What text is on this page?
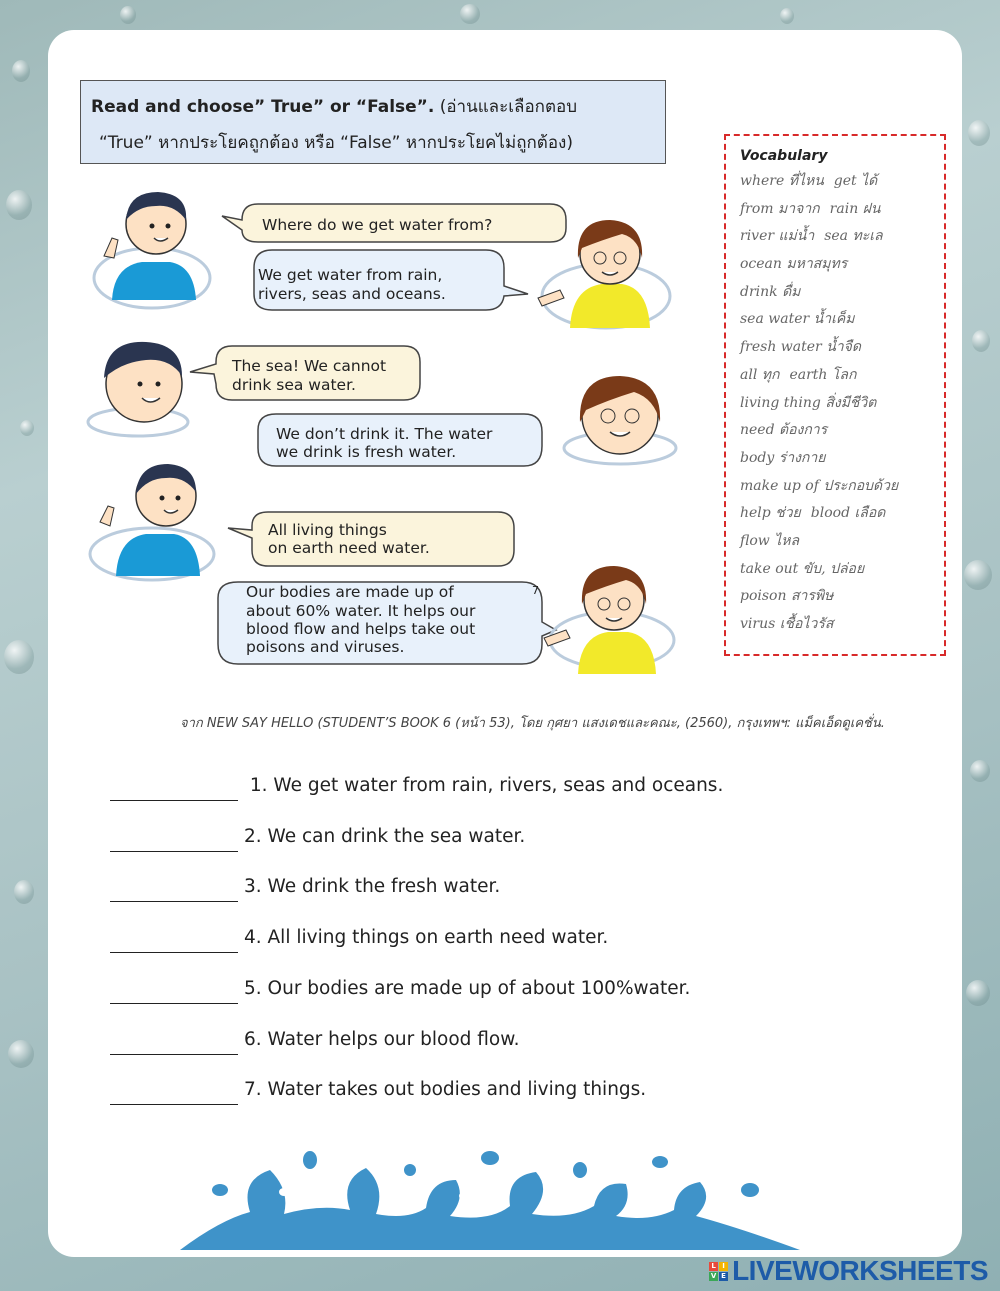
Read and choose” True” or “False”. (อ่านและเลือกตอบ
“True” หากประโยคถูกต้อง หรือ “False” หากประโยคไม่ถูกต้อง)
Where do we get water from?
We get water from rain,
rivers, seas and oceans.
The sea! We cannot
drink sea water.
We don’t drink it. The water
we drink is fresh water.
All living things
on earth need water.
Our bodies are made up of
about 60% water. It helps our
blood flow and helps take out
poisons and viruses.
7
Vocabulary
where ที่ไหน get ได้
from มาจาก rain ฝน
river แม่น้ำ sea ทะเล
ocean มหาสมุทร
drink ดื่ม
sea water น้ำเค็ม
fresh water น้ำจืด
all ทุก earth โลก
living thing สิ่งมีชีวิต
need ต้องการ
body ร่างกาย
make up of ประกอบด้วย
help ช่วย blood เลือด
flow ไหล
take out ขับ, ปล่อย
poison สารพิษ
virus เชื้อไวรัส
จาก NEW SAY HELLO (STUDENT’S BOOK 6 (หน้า 53), โดย กุศยา แสงเดชและคณะ, (2560), กรุงเทพฯ: แม็คเอ็ดดูเคชั่น.
1. We get water from rain, rivers, seas and oceans.
2. We can drink the sea water.
3. We drink the fresh water.
4. All living things on earth need water.
5. Our bodies are made up of about 100%water.
6. Water helps our blood flow.
7. Water takes out bodies and living things.
L I
V E LIVEWORKSHEETS
